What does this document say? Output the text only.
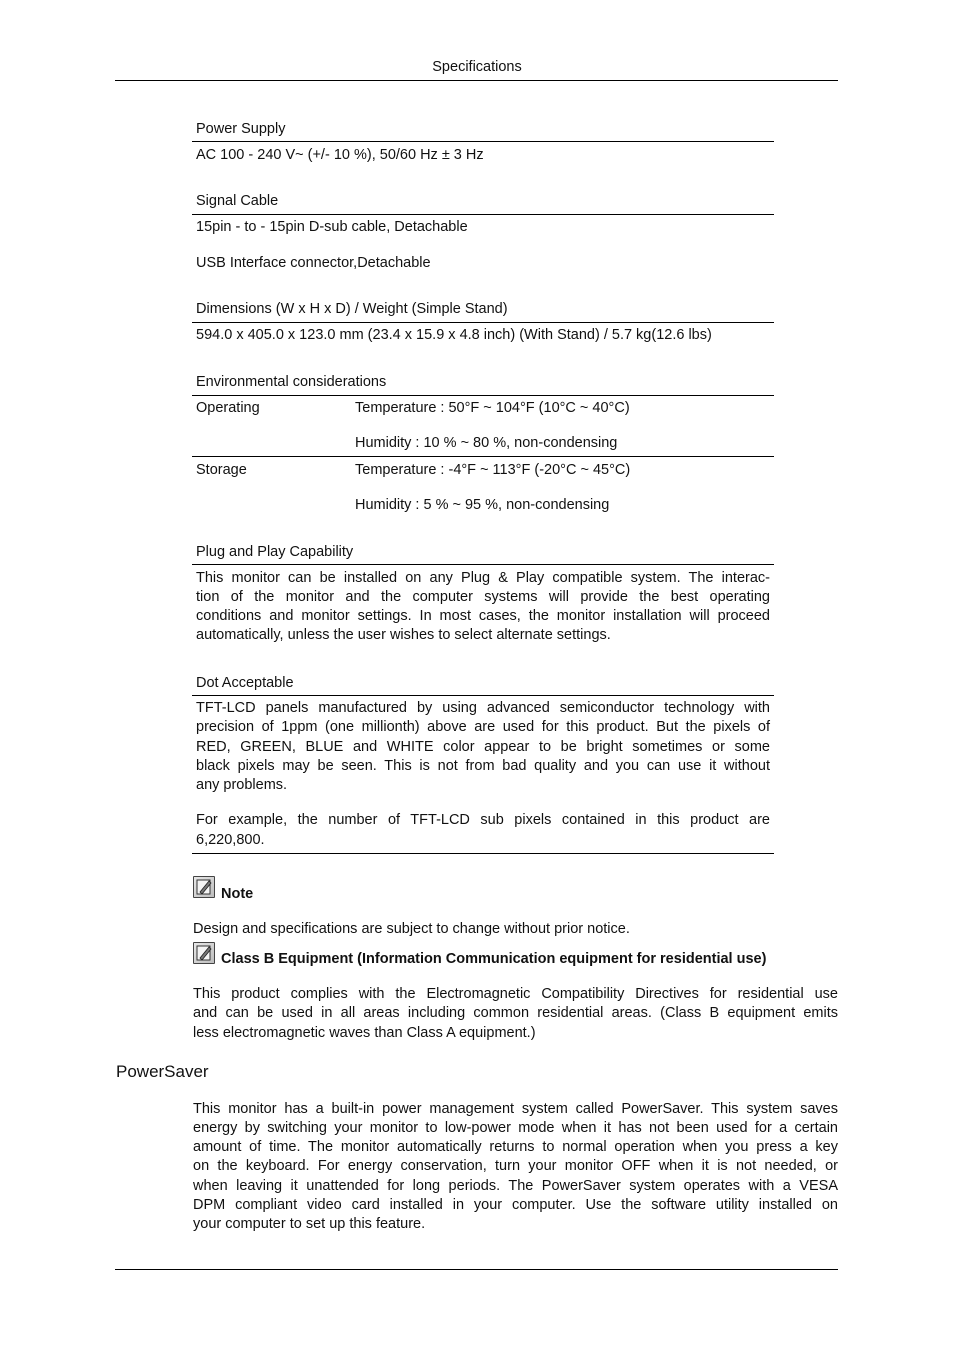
Specifications
Power Supply
AC 100 - 240 V~ (+/- 10 %), 50/60 Hz ± 3 Hz
Signal Cable
15pin - to - 15pin D-sub cable, Detachable
USB Interface connector,Detachable
Dimensions (W x H x D) / Weight (Simple Stand)
594.0 x 405.0 x 123.0 mm (23.4 x 15.9 x 4.8 inch) (With Stand) / 5.7 kg(12.6 lbs)
Environmental considerations
Operating	Temperature : 50°F ~ 104°F (10°C ~ 40°C)
Humidity : 10 % ~ 80 %, non-condensing
Storage	Temperature : -4°F ~ 113°F (-20°C ~ 45°C)
Humidity : 5 % ~ 95 %, non-condensing
Plug and Play Capability
This monitor can be installed on any Plug & Play compatible system. The interac-
tion of the monitor and the computer systems will provide the best operating
conditions and monitor settings. In most cases, the monitor installation will proceed
automatically, unless the user wishes to select alternate settings.
Dot Acceptable
TFT-LCD panels manufactured by using advanced semiconductor technology with
precision of 1ppm (one millionth) above are used for this product. But the pixels of
RED, GREEN, BLUE and WHITE color appear to be bright sometimes or some
black pixels may be seen. This is not from bad quality and you can use it without
any problems.
For example, the number of TFT-LCD sub pixels contained in this product are
6,220,800.
Note
Design and specifications are subject to change without prior notice.
Class B Equipment (Information Communication equipment for residential use)
This product complies with the Electromagnetic Compatibility Directives for residential use
and can be used in all areas including common residential areas. (Class B equipment emits
less electromagnetic waves than Class A equipment.)
PowerSaver
This monitor has a built-in power management system called PowerSaver. This system saves
energy by switching your monitor to low-power mode when it has not been used for a certain
amount of time. The monitor automatically returns to normal operation when you press a key
on the keyboard. For energy conservation, turn your monitor OFF when it is not needed, or
when leaving it unattended for long periods. The PowerSaver system operates with a VESA
DPM compliant video card installed in your computer. Use the software utility installed on
your computer to set up this feature.
